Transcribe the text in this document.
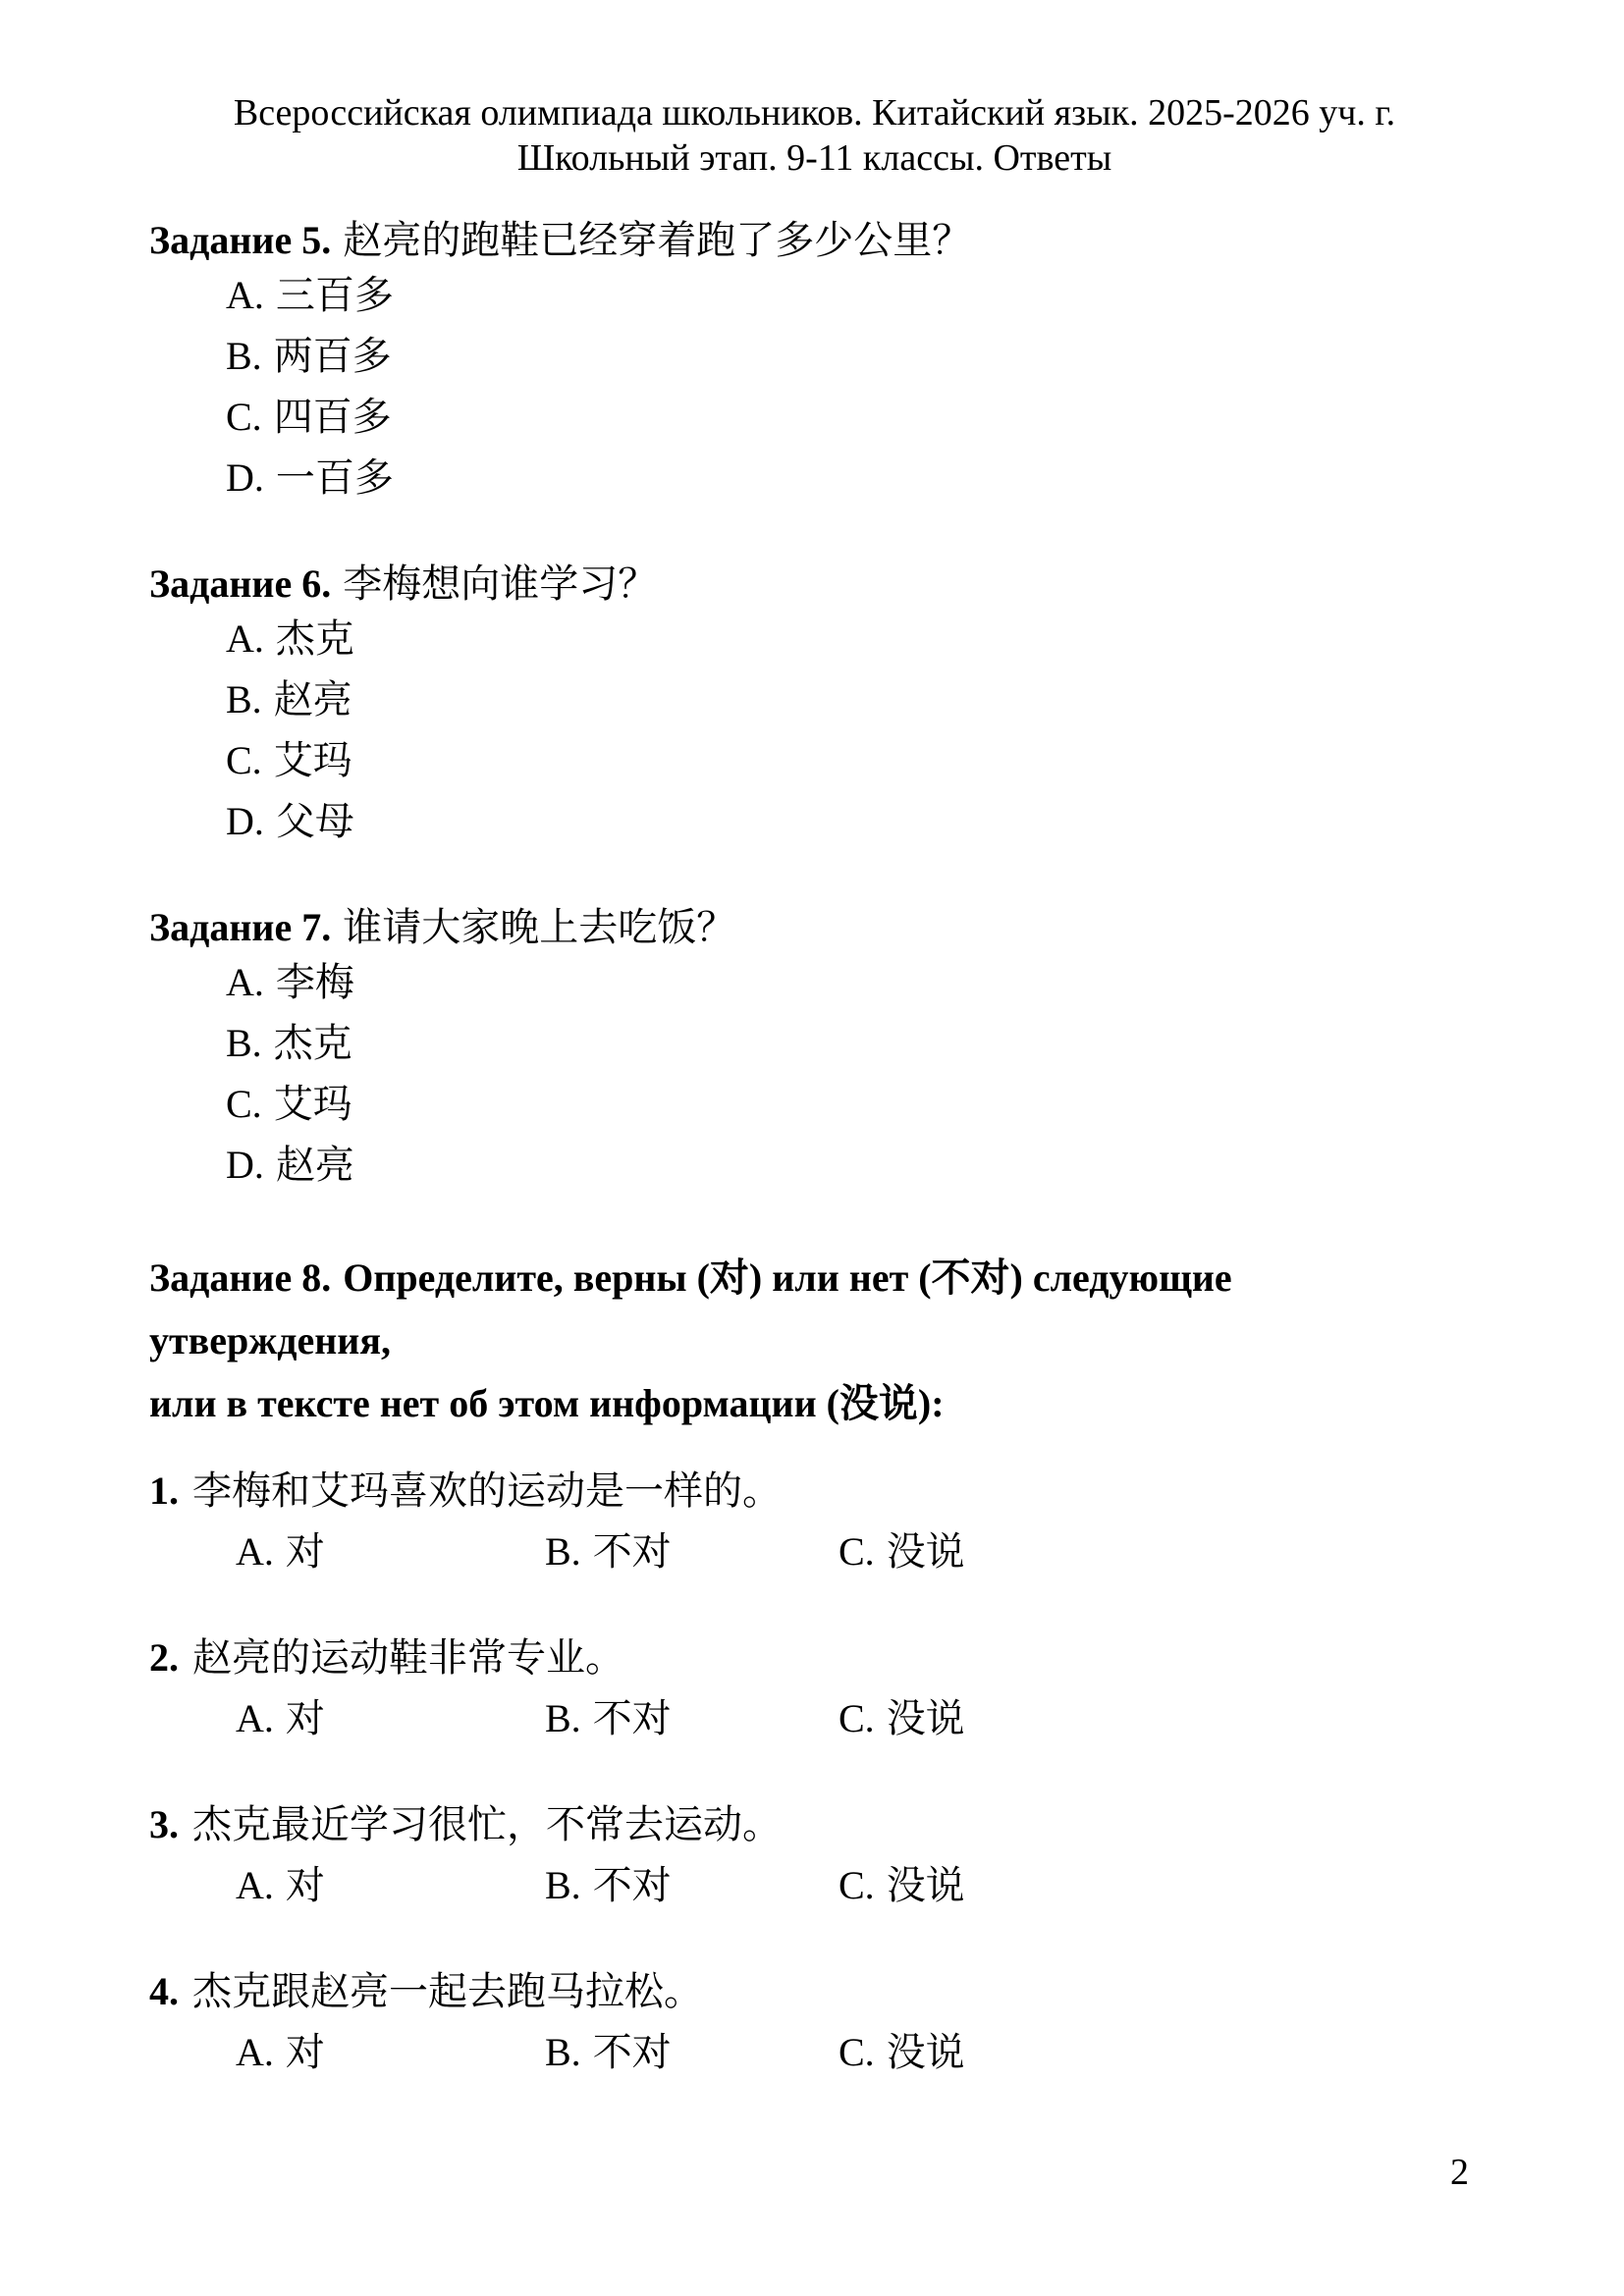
Всероссийская олимпиада школьников. Китайский язык. 2025-2026 уч. г.
Школьный этап. 9-11 классы. Ответы

Задание 5. 赵亮的跑鞋已经穿着跑了多少公里？

A. 三百多

B. 两百多

C. 四百多

D. 一百多

Задание 6. 李梅想向谁学习？

A. 杰克

B. 赵亮

C. 艾玛

D. 父母

Задание 7. 谁请大家晚上去吃饭？

A. 李梅

B. 杰克

C. 艾玛

D. 赵亮

Задание 8. Определите, верны (对) или нет (不对) следующие утверждения,

или в тексте нет об этом информации (没说):

1. 李梅和艾玛喜欢的运动是一样的。

A. 对	B. 不对	C. 没说

2. 赵亮的运动鞋非常专业。

A. 对	B. 不对	C. 没说

3. 杰克最近学习很忙，不常去运动。

A. 对	B. 不对	C. 没说

4. 杰克跟赵亮一起去跑马拉松。

A. 对	B. 不对	C. 没说
2
